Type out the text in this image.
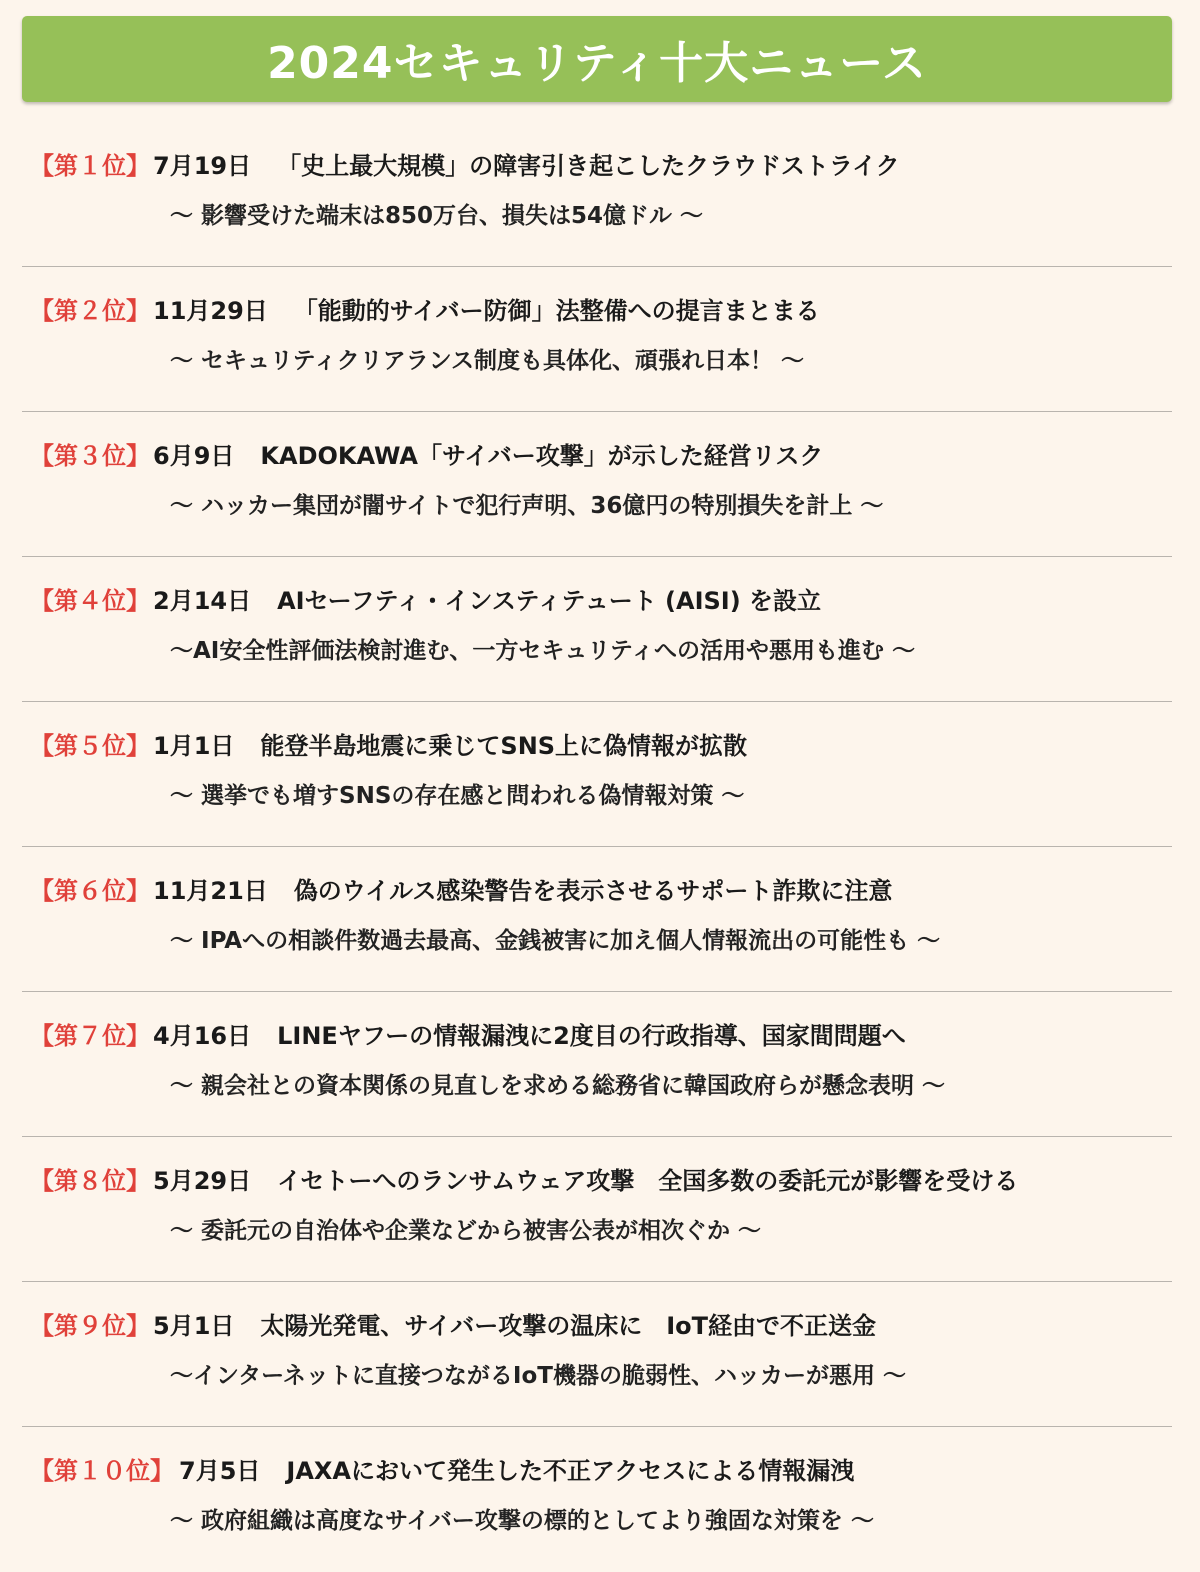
2024セキュリティ十大ニュース
【第１位】 7月19日 「史上最大規模」の障害引き起こしたクラウドストライク
～ 影響受けた端末は850万台、損失は54億ドル ～
【第２位】 11月29日 「能動的サイバー防御」法整備への提言まとまる
～ セキュリティクリアランス制度も具体化、頑張れ日本！ ～
【第３位】 6月9日 KADOKAWA「サイバー攻撃」が示した経営リスク
～ ハッカー集団が闇サイトで犯行声明、36億円の特別損失を計上 ～
【第４位】 2月14日 AIセーフティ・インスティテュート (AISI) を設立
～AI安全性評価法検討進む、一方セキュリティへの活用や悪用も進む ～
【第５位】 1月1日 能登半島地震に乗じてSNS上に偽情報が拡散
～ 選挙でも増すSNSの存在感と問われる偽情報対策 ～
【第６位】 11月21日 偽のウイルス感染警告を表示させるサポート詐欺に注意
～ IPAへの相談件数過去最高、金銭被害に加え個人情報流出の可能性も ～
【第７位】 4月16日 LINEヤフーの情報漏洩に2度目の行政指導、国家間問題へ
～ 親会社との資本関係の見直しを求める総務省に韓国政府らが懸念表明 ～
【第８位】 5月29日 イセトーへのランサムウェア攻撃　全国多数の委託元が影響を受ける
～ 委託元の自治体や企業などから被害公表が相次ぐか ～
【第９位】 5月1日 太陽光発電、サイバー攻撃の温床に　IoT経由で不正送金
～インターネットに直接つながるIoT機器の脆弱性、ハッカーが悪用 ～
【第１０位】 7月5日 JAXAにおいて発生した不正アクセスによる情報漏洩
～ 政府組織は高度なサイバー攻撃の標的としてより強固な対策を ～
